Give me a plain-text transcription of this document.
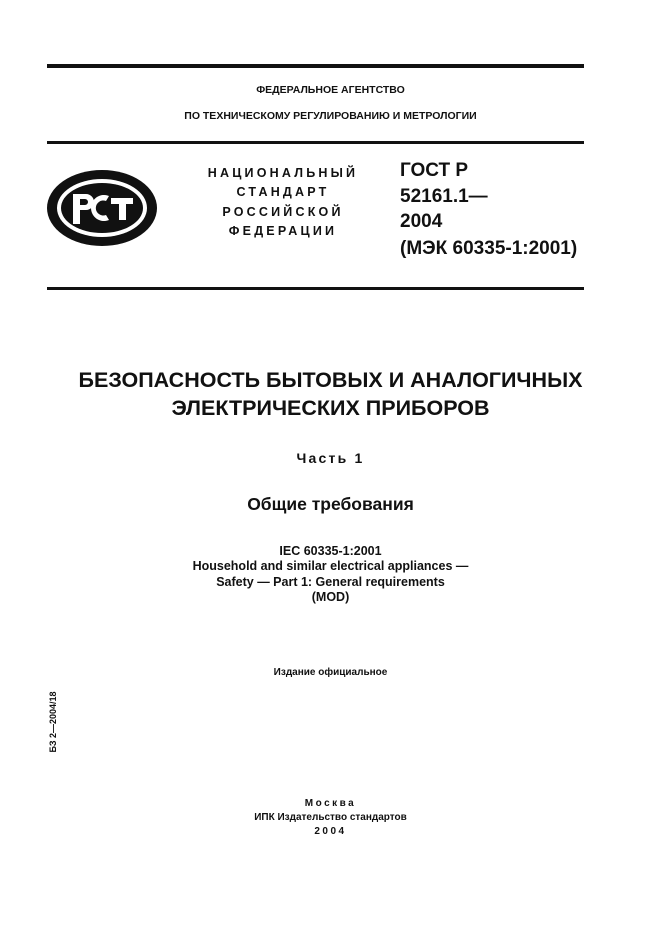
ФЕДЕРАЛЬНОЕ АГЕНТСТВО
ПО ТЕХНИЧЕСКОМУ РЕГУЛИРОВАНИЮ И МЕТРОЛОГИИ
НАЦИОНАЛЬНЫЙ
СТАНДАРТ
РОССИЙСКОЙ
ФЕДЕРАЦИИ
ГОСТ Р
52161.1—
2004
(МЭК 60335-1:2001)
БЕЗОПАСНОСТЬ БЫТОВЫХ И АНАЛОГИЧНЫХ
ЭЛЕКТРИЧЕСКИХ ПРИБОРОВ
Часть 1
Общие требования
IEC 60335-1:2001
Household and similar electrical appliances —
Safety — Part 1: General requirements
(MOD)
Издание официальное
БЗ 2—2004/18
Москва
ИПК Издательство стандартов
2004
